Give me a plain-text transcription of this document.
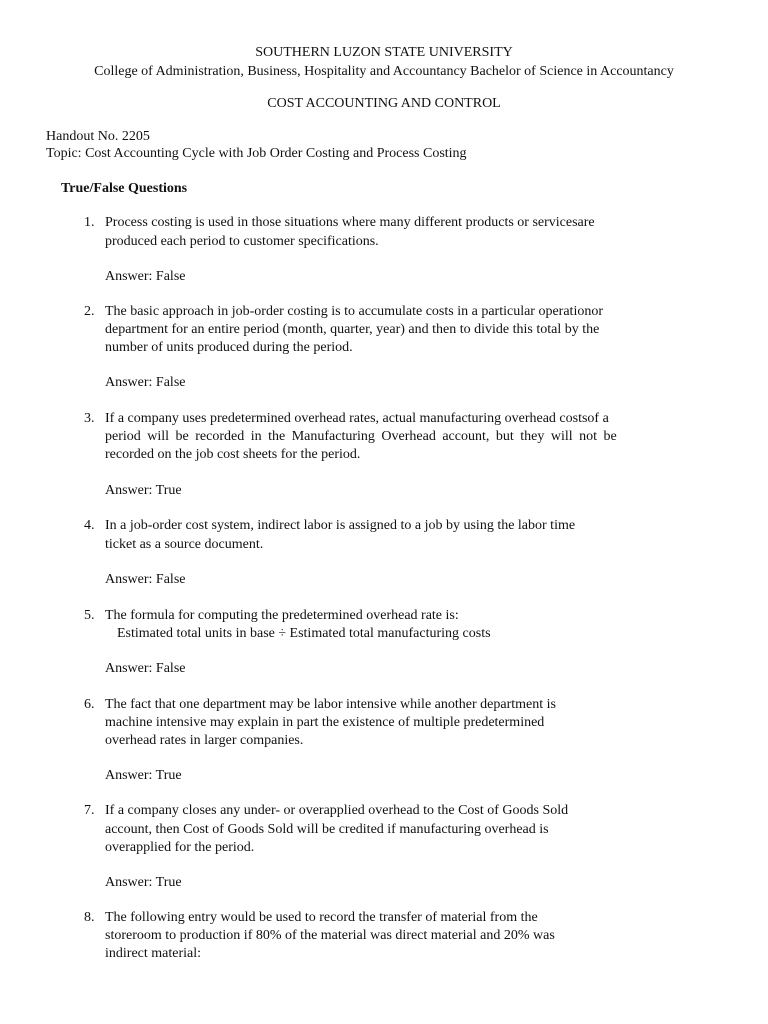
SOUTHERN LUZON STATE UNIVERSITY
College of Administration, Business, Hospitality and Accountancy Bachelor of Science in Accountancy
COST ACCOUNTING AND CONTROL
Handout No. 2205
Topic: Cost Accounting Cycle with Job Order Costing and Process Costing
True/False Questions
1. Process costing is used in those situations where many different products or servicesare
produced each period to customer specifications.
Answer: False
2. The basic approach in job-order costing is to accumulate costs in a particular operationor
department for an entire period (month, quarter, year) and then to divide this total by the
number of units produced during the period.
Answer: False
3. If a company uses predetermined overhead rates, actual manufacturing overhead costsof a
period will be recorded in the Manufacturing Overhead account, but they will not be
recorded on the job cost sheets for the period.
Answer: True
4. In a job-order cost system, indirect labor is assigned to a job by using the labor time
ticket as a source document.
Answer: False
5. The formula for computing the predetermined overhead rate is:
Estimated total units in base ÷ Estimated total manufacturing costs
Answer: False
6. The fact that one department may be labor intensive while another department is
machine intensive may explain in part the existence of multiple predetermined
overhead rates in larger companies.
Answer: True
7. If a company closes any under- or overapplied overhead to the Cost of Goods Sold
account, then Cost of Goods Sold will be credited if manufacturing overhead is
overapplied for the period.
Answer: True
8. The following entry would be used to record the transfer of material from the
storeroom to production if 80% of the material was direct material and 20% was
indirect material:
